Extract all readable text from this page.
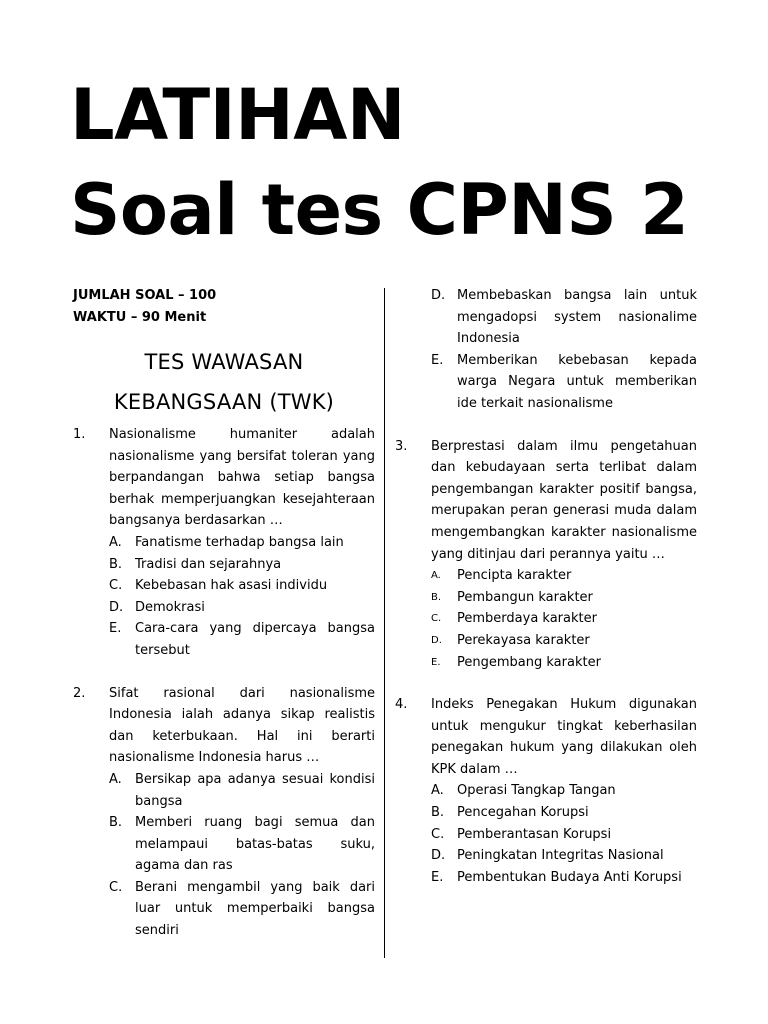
LATIHAN
Soal tes CPNS 2
JUMLAH SOAL – 100
WAKTU – 90 Menit
TES WAWASAN
KEBANGSAAN (TWK)
1.	Nasionalisme humaniter adalah nasionalisme yang bersifat toleran yang berpandangan bahwa setiap bangsa berhak memperjuangkan kesejahteraan bangsanya berdasarkan …
A.	Fanatisme terhadap bangsa lain
B. Tradisi dan sejarahnya
C. Kebebasan hak asasi individu
D. Demokrasi
E.	Cara-cara yang dipercaya bangsa tersebut
2.	Sifat rasional dari nasionalisme Indonesia ialah adanya sikap realistis dan keterbukaan. Hal ini berarti nasionalisme Indonesia harus …
A.	Bersikap apa adanya sesuai kondisi bangsa
B. Memberi ruang bagi semua dan melampaui batas-batas suku, agama dan ras
C. Berani mengambil yang baik dari luar untuk memperbaiki bangsa sendiri
D. Membebaskan bangsa lain untuk mengadopsi system nasionalime Indonesia
E.	Memberikan kebebasan kepada warga Negara untuk memberikan ide terkait nasionalisme
3.	Berprestasi dalam ilmu pengetahuan dan kebudayaan serta terlibat dalam pengembangan karakter positif bangsa, merupakan peran generasi muda dalam mengembangkan karakter nasionalisme yang ditinjau dari perannya yaitu …
A.	Pencipta karakter
B.	Pembangun karakter
C.	Pemberdaya karakter
D.	Perekayasa karakter
E.	Pengembang karakter
4.	Indeks Penegakan Hukum digunakan untuk mengukur tingkat keberhasilan penegakan hukum yang dilakukan oleh KPK dalam …
A.	Operasi Tangkap Tangan
B. Pencegahan Korupsi
C. Pemberantasan Korupsi
D. Peningkatan Integritas Nasional
E.	Pembentukan Budaya Anti Korupsi
